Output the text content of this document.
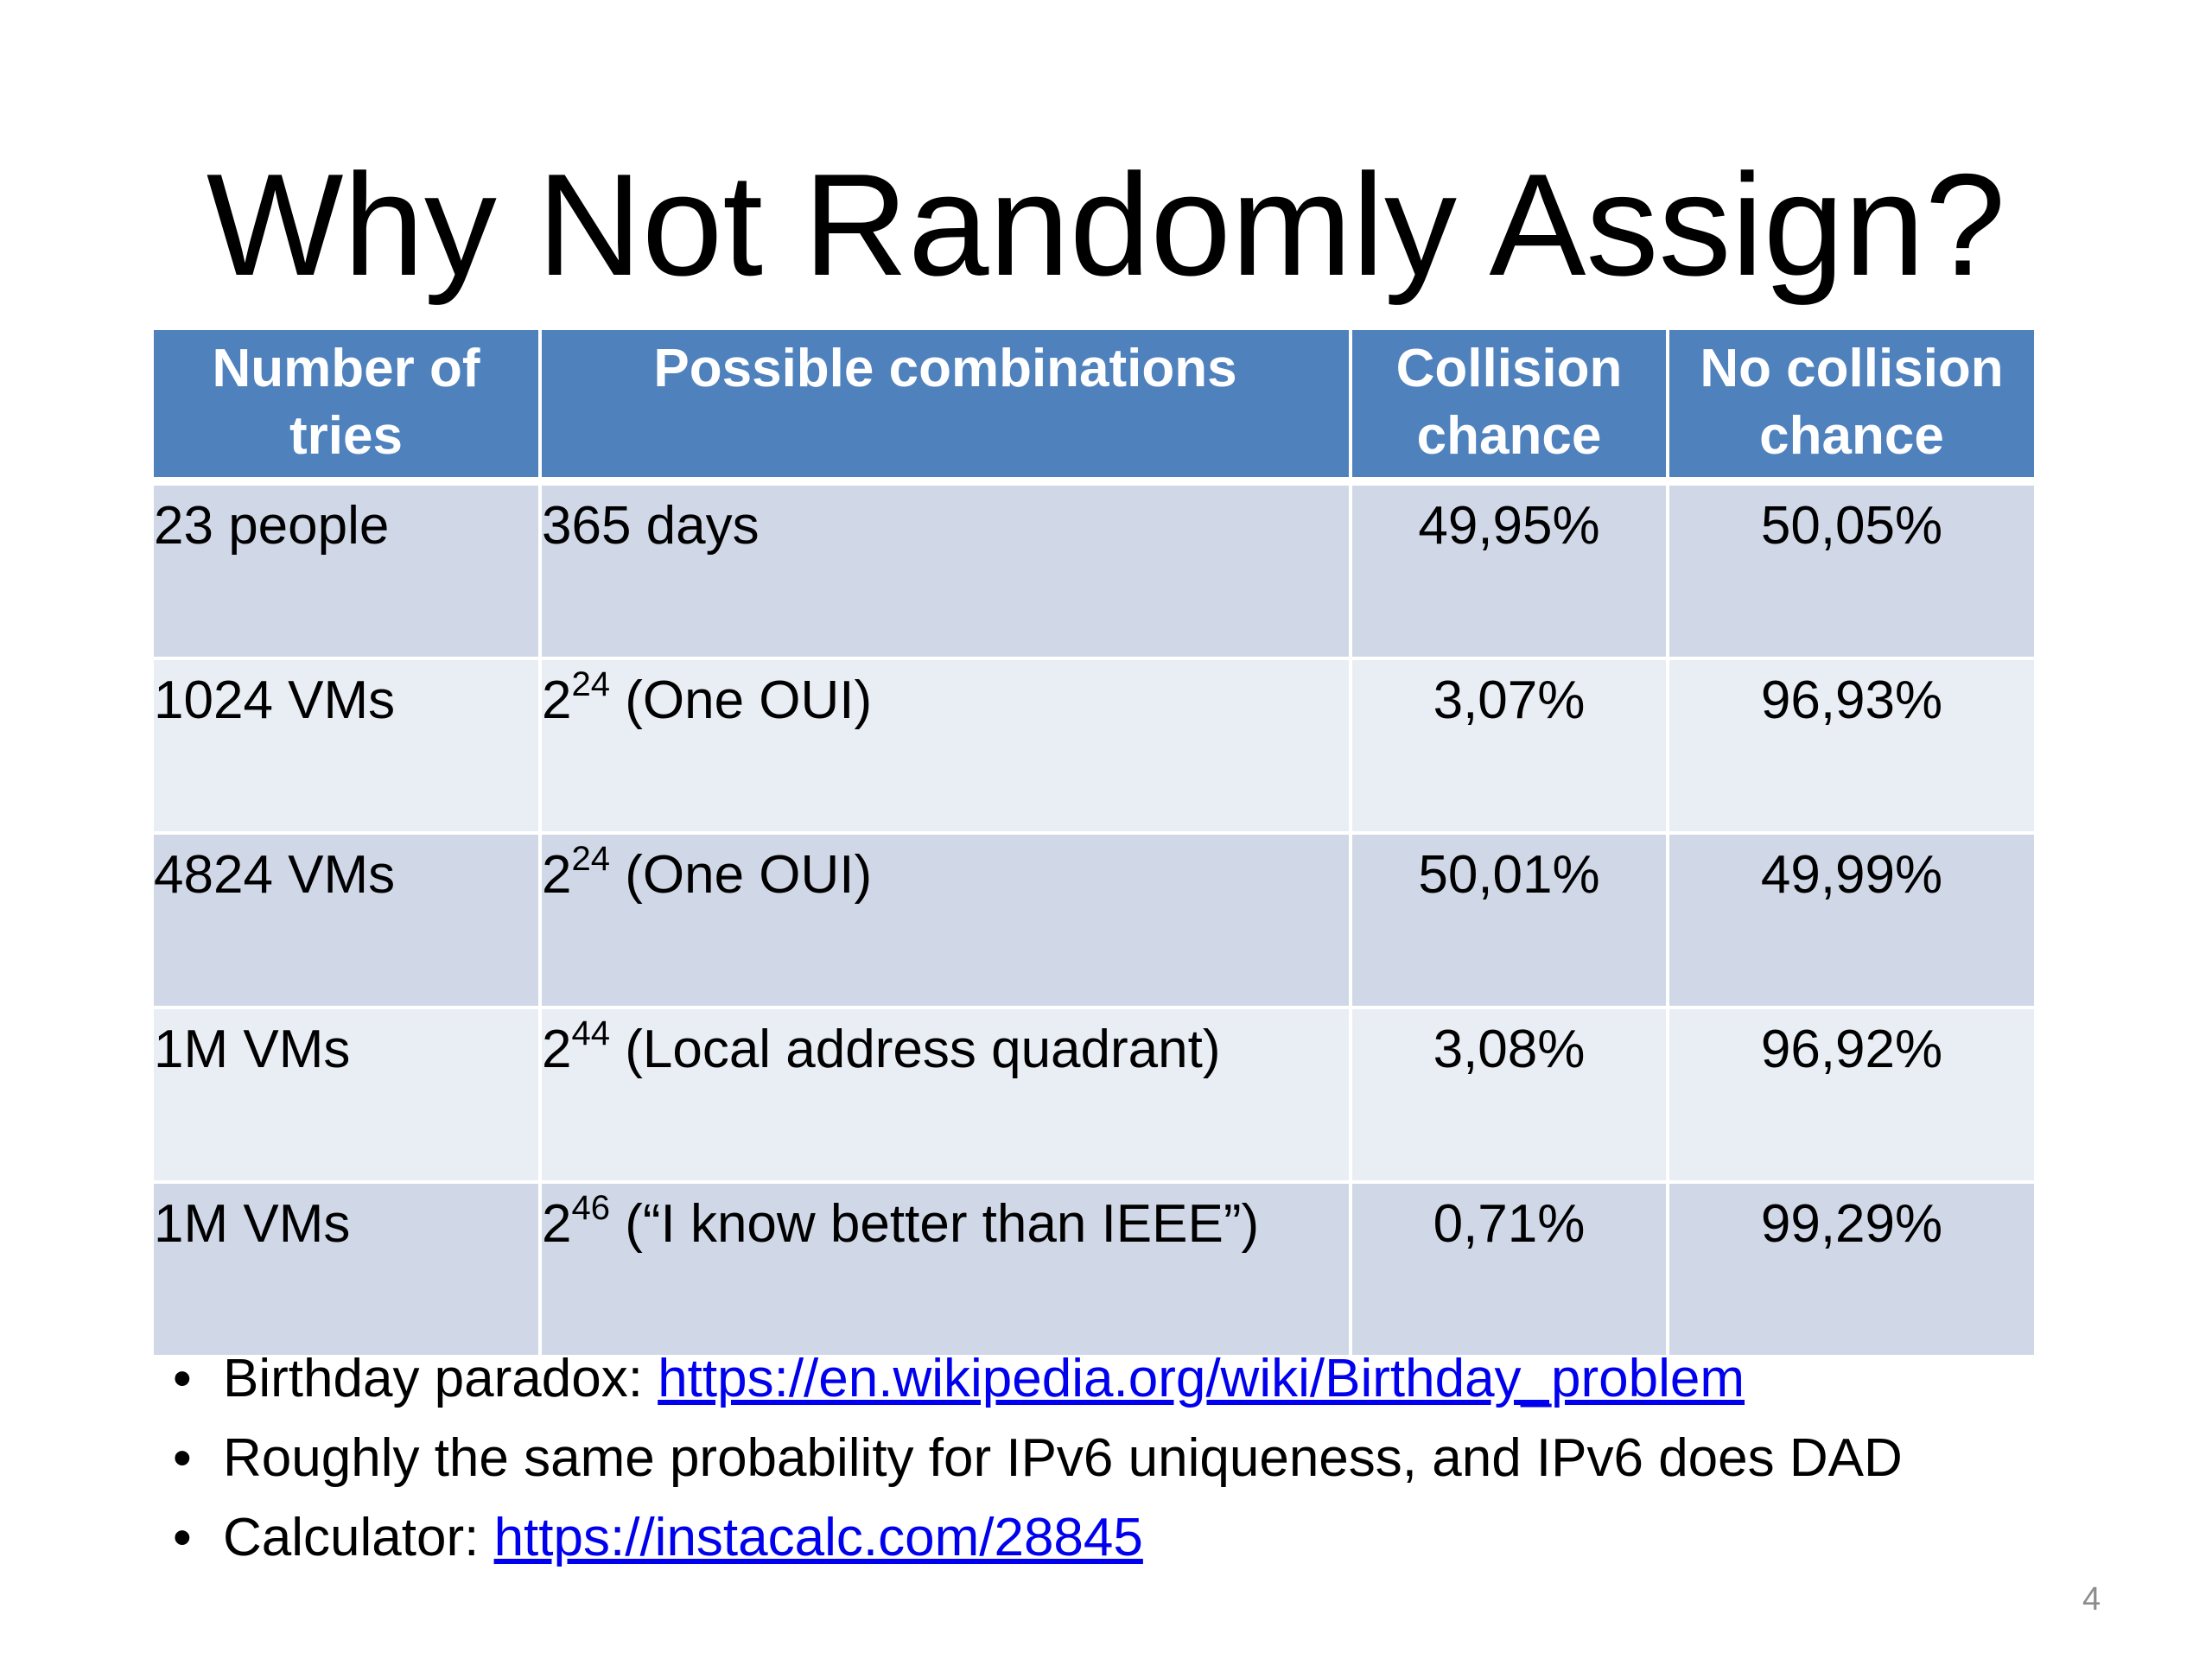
Why Not Randomly Assign?
Number of tries	Possible combinations	Collision chance	No collision chance
23 people	365 days	49,95%	50,05%
1024 VMs	$2^{24}$ (One OUI)	3,07%	96,93%
4824 VMs	$2^{24}$ (One OUI)	50,01%	49,99%
1M VMs	$2^{44}$ (Local address quadrant)	3,08%	96,92%
1M VMs	$2^{46}$ (“I know better than IEEE”)	0,71%	99,29%
• Birthday paradox: https://en.wikipedia.org/wiki/Birthday_problem
• Roughly the same probability for IPv6 uniqueness, and IPv6 does DAD
• Calculator: https://instacalc.com/28845
4
